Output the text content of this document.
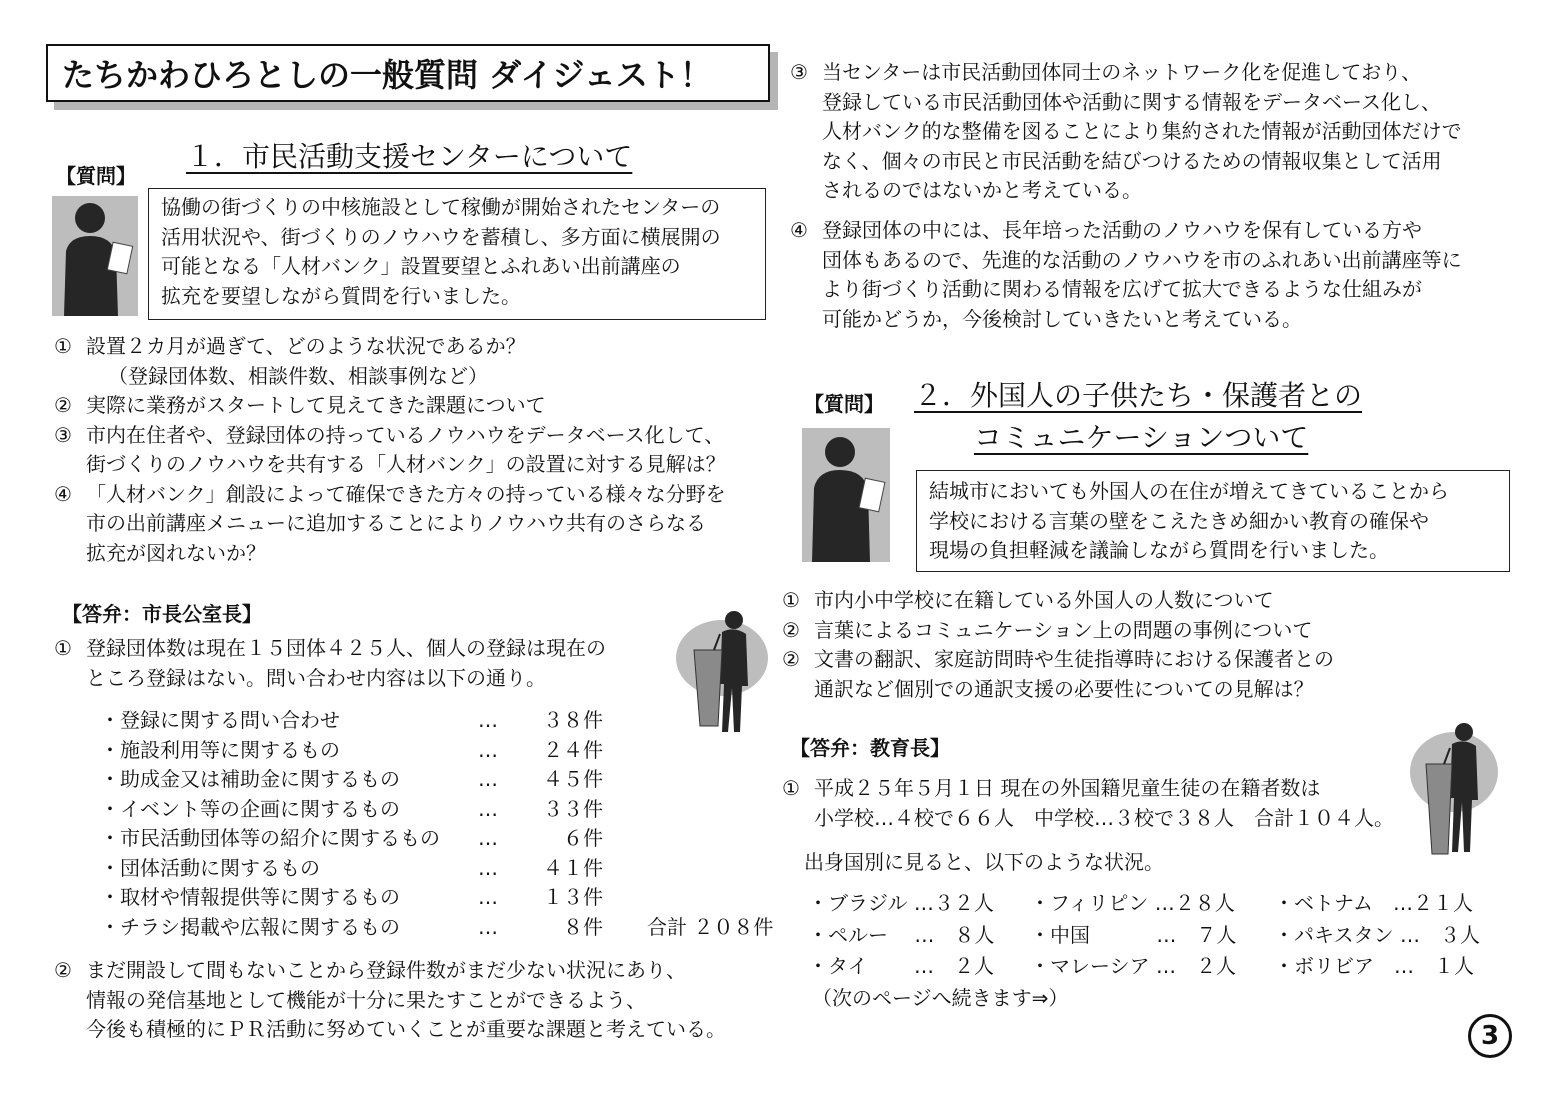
たちかわひろとしの一般質問 ダイジェスト！
【質問】
１．市民活動支援センターについて
協働の街づくりの中核施設として稼働が開始されたセンターの
活用状況や、街づくりのノウハウを蓄積し、多方面に横展開の
可能となる「人材バンク」設置要望とふれあい出前講座の
拡充を要望しながら質問を行いました。
① 設置２カ月が過ぎて、どのような状況であるか？
（登録団体数、相談件数、相談事例など）
② 実際に業務がスタートして見えてきた課題について
③ 市内在住者や、登録団体の持っているノウハウをデータベース化して、
街づくりのノウハウを共有する「人材バンク」の設置に対する見解は？
④ 「人材バンク」創設によって確保できた方々の持っている様々な分野を
市の出前講座メニューに追加することによりノウハウ共有のさらなる
拡充が図れないか？
【答弁：市長公室長】
① 登録団体数は現在１５団体４２５人、個人の登録は現在の
ところ登録はない。問い合わせ内容は以下の通り。
・登録に関する問い合わせ	…	３８件
・施設利用等に関するもの	…	２４件
・助成金又は補助金に関するもの	…	４５件
・イベント等の企画に関するもの	…	３３件
・市民活動団体等の紹介に関するもの	…	６件
・団体活動に関するもの	…	４１件
・取材や情報提供等に関するもの	…	１３件
・チラシ掲載や広報に関するもの	…	８件	合計 ２０８件
② まだ開設して間もないことから登録件数がまだ少ない状況にあり、
情報の発信基地として機能が十分に果たすことができるよう、
今後も積極的にＰＲ活動に努めていくことが重要な課題と考えている。
③ 当センターは市民活動団体同士のネットワーク化を促進しており、
登録している市民活動団体や活動に関する情報をデータベース化し、
人材バンク的な整備を図ることにより集約された情報が活動団体だけで
なく、個々の市民と市民活動を結びつけるための情報収集として活用
されるのではないかと考えている。
④ 登録団体の中には、長年培った活動のノウハウを保有している方や
団体もあるので、先進的な活動のノウハウを市のふれあい出前講座等に
より街づくり活動に関わる情報を広げて拡大できるような仕組みが
可能かどうか，今後検討していきたいと考えている。
【質問】 ２．外国人の子供たち・保護者との
コミュニケーションついて
結城市においても外国人の在住が増えてきていることから
学校における言葉の壁をこえたきめ細かい教育の確保や
現場の負担軽減を議論しながら質問を行いました。
① 市内小中学校に在籍している外国人の人数について
② 言葉によるコミュニケーション上の問題の事例について
② 文書の翻訳、家庭訪問時や生徒指導時における保護者との
通訳など個別での通訳支援の必要性についての見解は？
【答弁：教育長】
① 平成２５年５月１日 現在の外国籍児童生徒の在籍者数は
小学校…４校で６６人　中学校…３校で３８人　合計１０４人。
出身国別に見ると、以下のような状況。
・ブラジル …３２人	・フィリピン …２８人	・ベトナム　…２１人
・ペルー　 …　８人	・中国　　　 …　７人	・パキスタン …　３人
・タイ　　 …　２人	・マレーシア …　２人	・ボリビア　…　１人
（次のページへ続きます⇒）
3
